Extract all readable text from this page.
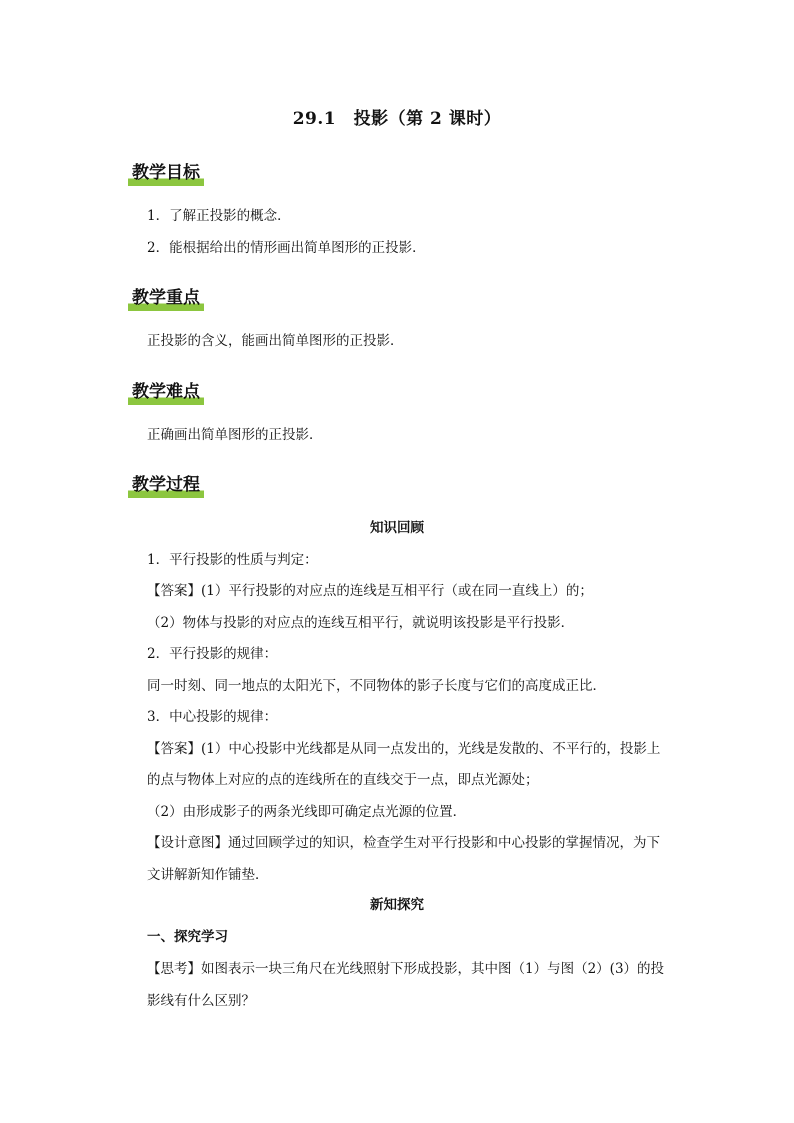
29.1　投影（第 2 课时）
教学目标
1．了解正投影的概念．
2．能根据给出的情形画出简单图形的正投影．
教学重点
正投影的含义，能画出简单图形的正投影．
教学难点
正确画出简单图形的正投影．
教学过程
知识回顾
1．平行投影的性质与判定：
【答案】(1）平行投影的对应点的连线是互相平行（或在同一直线上）的；
（2）物体与投影的对应点的连线互相平行，就说明该投影是平行投影．
2．平行投影的规律：
同一时刻、同一地点的太阳光下，不同物体的影子长度与它们的高度成正比．
3．中心投影的规律：
【答案】(1）中心投影中光线都是从同一点发出的，光线是发散的、不平行的，投影上
的点与物体上对应的点的连线所在的直线交于一点，即点光源处；
（2）由形成影子的两条光线即可确定点光源的位置．
【设计意图】通过回顾学过的知识，检查学生对平行投影和中心投影的掌握情况，为下
文讲解新知作铺垫．
新知探究
一、探究学习
【思考】如图表示一块三角尺在光线照射下形成投影，其中图（1）与图（2）(3）的投
影线有什么区别？
